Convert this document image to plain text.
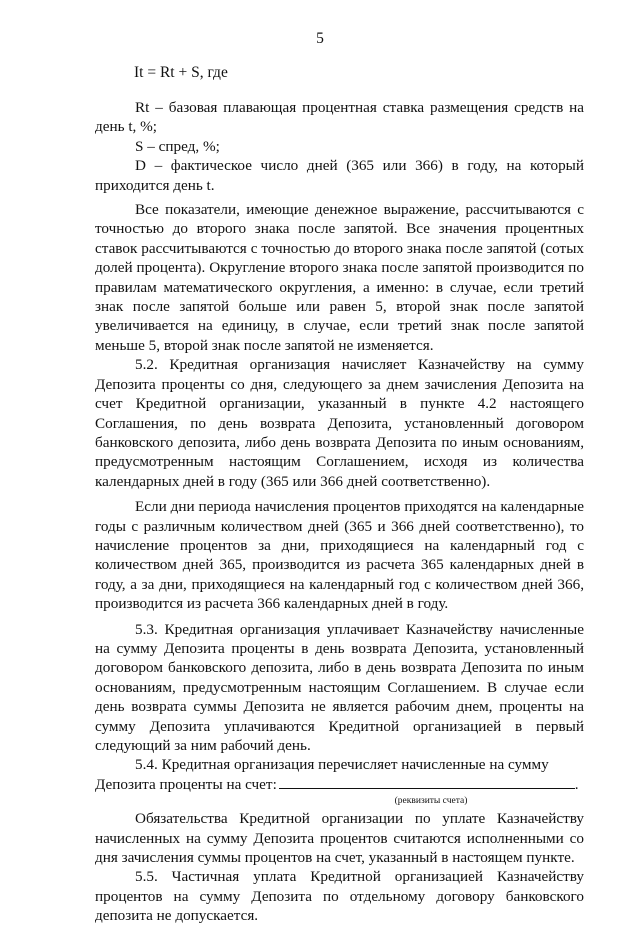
5
It = Rt + S, где

Rt – базовая плавающая процентная ставка размещения средств на день t, %;

S – спред, %;

D – фактическое число дней (365 или 366) в году, на который приходится день t.

Все показатели, имеющие денежное выражение, рассчитываются с точностью до второго знака после запятой. Все значения процентных ставок рассчитываются с точностью до второго знака после запятой (сотых долей процента). Округление второго знака после запятой производится по правилам математического округления, а именно: в случае, если третий знак после запятой больше или равен 5, второй знак после запятой увеличивается на единицу, в случае, если третий знак после запятой меньше 5, второй знак после запятой не изменяется.

5.2. Кредитная организация начисляет Казначейству на сумму Депозита проценты со дня, следующего за днем зачисления Депозита на счет Кредитной организации, указанный в пункте 4.2 настоящего Соглашения, по день возврата Депозита, установленный договором банковского депозита, либо день возврата Депозита по иным основаниям, предусмотренным настоящим Соглашением, исходя из количества календарных дней в году (365 или 366 дней соответственно).

Если дни периода начисления процентов приходятся на календарные годы с различным количеством дней (365 и 366 дней соответственно), то начисление процентов за дни, приходящиеся на календарный год с количеством дней 365, производится из расчета 365 календарных дней в году, а за дни, приходящиеся на календарный год с количеством дней 366, производится из расчета 366 календарных дней в году.

5.3. Кредитная организация уплачивает Казначейству начисленные на сумму Депозита проценты в день возврата Депозита, установленный договором банковского депозита, либо в день возврата Депозита по иным основаниям, предусмотренным настоящим Соглашением. В случае если день возврата суммы Депозита не является рабочим днем, проценты на сумму Депозита уплачиваются Кредитной организацией в первый следующий за ним рабочий день.

5.4. Кредитная организация перечисляет начисленные на сумму Депозита проценты на счет:	.

(реквизиты счета)

Обязательства Кредитной организации по уплате Казначейству начисленных на сумму Депозита процентов считаются исполненными со дня зачисления суммы процентов на счет, указанный в настоящем пункте.

5.5. Частичная уплата Кредитной организацией Казначейству процентов на сумму Депозита по отдельному договору банковского депозита не допускается.
